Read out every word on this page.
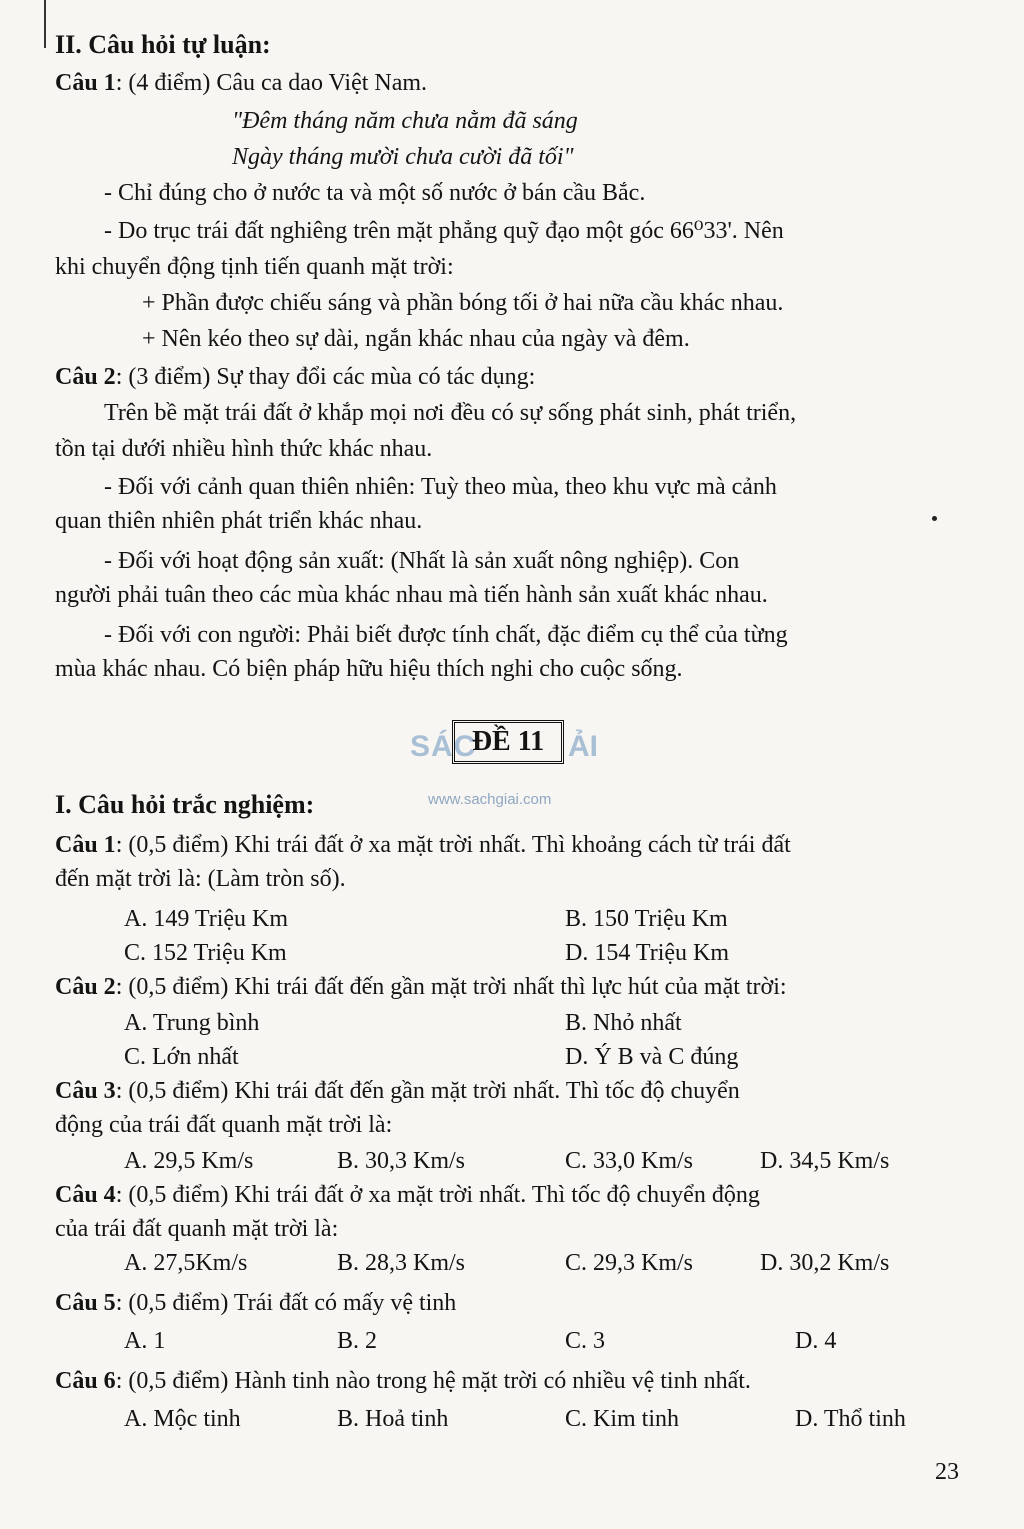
II. Câu hỏi tự luận:
Câu 1: (4 điểm) Câu ca dao Việt Nam.
"Đêm tháng năm chưa nằm đã sáng
Ngày tháng mười chưa cười đã tối"
- Chỉ đúng cho ở nước ta và một số nước ở bán cầu Bắc.
- Do trục trái đất nghiêng trên mặt phẳng quỹ đạo một góc 66⁰33'. Nên
khi chuyển động tịnh tiến quanh mặt trời:
+ Phần được chiếu sáng và phần bóng tối ở hai nữa cầu khác nhau.
+ Nên kéo theo sự dài, ngắn khác nhau của ngày và đêm.
Câu 2: (3 điểm) Sự thay đổi các mùa có tác dụng:
Trên bề mặt trái đất ở khắp mọi nơi đều có sự sống phát sinh, phát triển,
tồn tại dưới nhiều hình thức khác nhau.
- Đối với cảnh quan thiên nhiên: Tuỳ theo mùa, theo khu vực mà cảnh
quan thiên nhiên phát triển khác nhau.
- Đối với hoạt động sản xuất: (Nhất là sản xuất nông nghiệp). Con
người phải tuân theo các mùa khác nhau mà tiến hành sản xuất khác nhau.
- Đối với con người: Phải biết được tính chất, đặc điểm cụ thể của từng
mùa khác nhau. Có biện pháp hữu hiệu thích nghi cho cuộc sống.
SÁC	ẢI
ĐỀ 11
www.sachgiai.com
I. Câu hỏi trắc nghiệm:
Câu 1: (0,5 điểm) Khi trái đất ở xa mặt trời nhất. Thì khoảng cách từ trái đất
đến mặt trời là: (Làm tròn số).
A. 149 Triệu Km	B. 150 Triệu Km
C. 152 Triệu Km	D. 154 Triệu Km
Câu 2: (0,5 điểm) Khi trái đất đến gần mặt trời nhất thì lực hút của mặt trời:
A. Trung bình	B. Nhỏ nhất
C. Lớn nhất	D. Ý B và C đúng
Câu 3: (0,5 điểm) Khi trái đất đến gần mặt trời nhất. Thì tốc độ chuyển
động của trái đất quanh mặt trời là:
A. 29,5 Km/s	B. 30,3 Km/s	C. 33,0 Km/s	D. 34,5 Km/s
Câu 4: (0,5 điểm) Khi trái đất ở xa mặt trời nhất. Thì tốc độ chuyển động
của trái đất quanh mặt trời là:
A. 27,5Km/s	B. 28,3 Km/s	C. 29,3 Km/s	D. 30,2 Km/s
Câu 5: (0,5 điểm) Trái đất có mấy vệ tinh
A. 1	B. 2	C. 3	D. 4
Câu 6: (0,5 điểm) Hành tinh nào trong hệ mặt trời có nhiều vệ tinh nhất.
A. Mộc tinh	B. Hoả tinh	C. Kim tinh	D. Thổ tinh
23
